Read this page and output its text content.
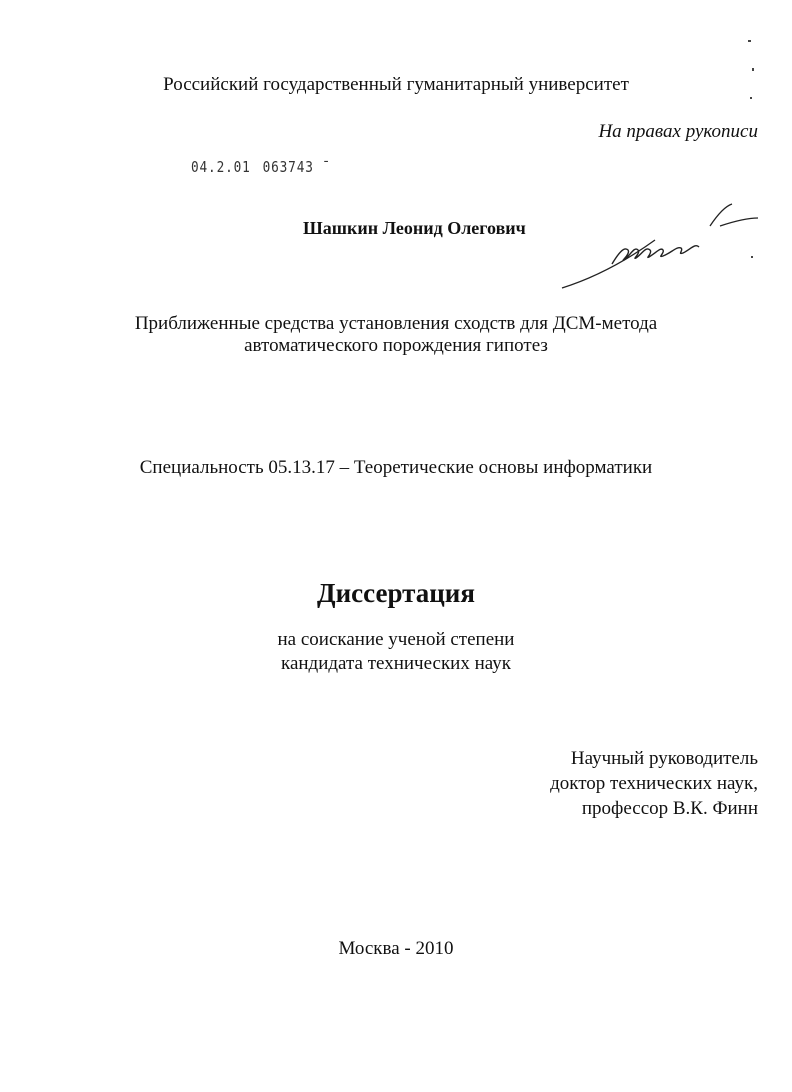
Российский государственный гуманитарный университет
На правах рукописи
04.2.01 063743 ˉ
Шашкин Леонид Олегович
Приближенные средства установления сходств для ДСМ-метода
автоматического порождения гипотез
Специальность 05.13.17 – Теоретические основы информатики
Диссертация
на соискание ученой степени
кандидата технических наук
Научный руководитель
доктор технических наук,
профессор В.К. Финн
Москва - 2010
